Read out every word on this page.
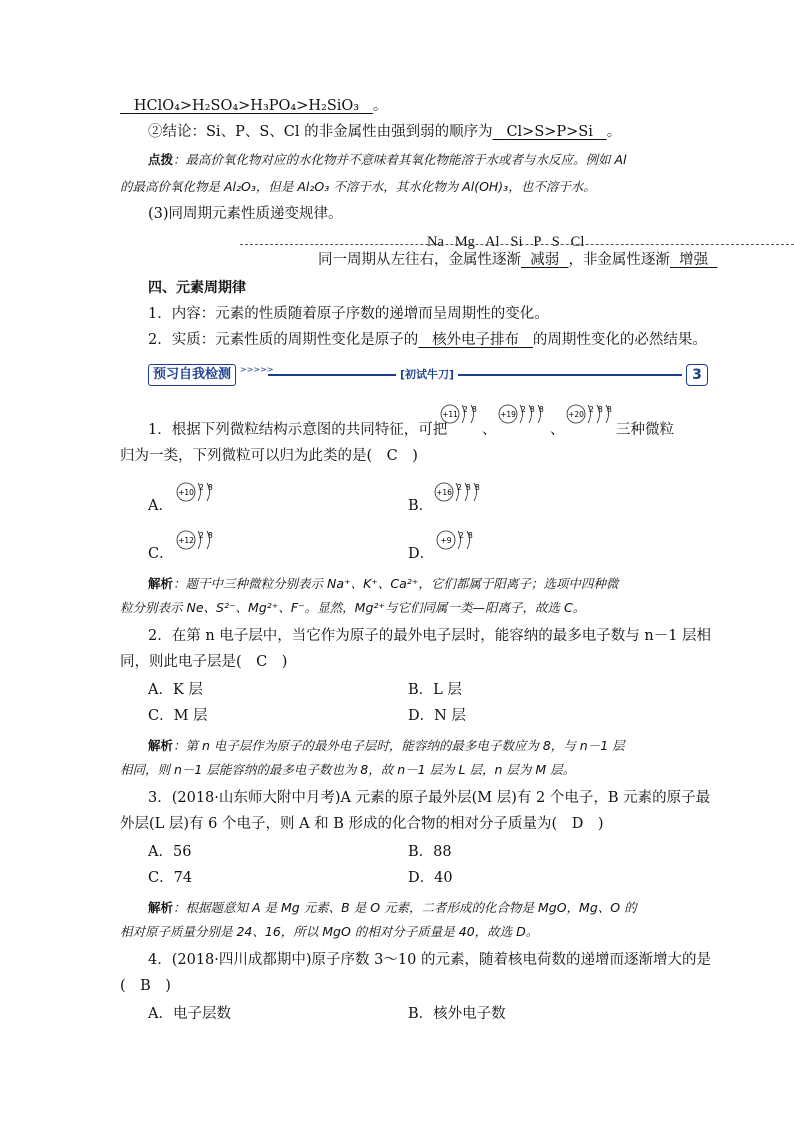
HClO₄>H₂SO₄>H₃PO₄>H₂SiO₃ 。
②结论：Si、P、S、Cl 的非金属性由强到弱的顺序为 Cl>S>P>Si 。
点拨：最高价氧化物对应的水化物并不意味着其氧化物能溶于水或者与水反应。例如 Al
的最高价氧化物是 Al₂O₃，但是 Al₂O₃ 不溶于水，其水化物为 Al(OH)₃，也不溶于水。
(3)同周期元素性质递变规律。
Na   Mg   Al   Si   P   S   Cl
同一周期从左往右，金属性逐渐 减弱 ，非金属性逐渐 增强
四、元素周期律
1．内容：元素的性质随着原子序数的递增而呈周期性的变化。
2．实质：元素性质的周期性变化是原子的 核外电子排布 的周期性变化的必然结果。
预习自我检测	>>>>>	[初试牛刀]	3
1．根据下列微粒结构示意图的共同特征，可把 、	、	三种微粒
归为一类，下列微粒可以归为此类的是(　C　)
A．	B．
C．	D．
+11
2 8
+19
2 8 8
+20
2 8 8
+10
2 8
+16
2 8 8
+12
2 8
+9
2 8
解析：题干中三种微粒分别表示 Na⁺、K⁺、Ca²⁺，它们都属于阳离子；选项中四种微
粒分别表示 Ne、S²⁻、Mg²⁺、F⁻。显然，Mg²⁺与它们同属一类—阳离子，故选 C。
2．在第 n 电子层中，当它作为原子的最外电子层时，能容纳的最多电子数与 n－1 层相
同，则此电子层是(　C　)
A．K 层	B．L 层
C．M 层	D．N 层
解析：第 n 电子层作为原子的最外电子层时，能容纳的最多电子数应为 8，与 n－1 层
相同，则 n－1 层能容纳的最多电子数也为 8，故 n－1 层为 L 层，n 层为 M 层。
3．(2018·山东师大附中月考)A 元素的原子最外层(M 层)有 2 个电子，B 元素的原子最
外层(L 层)有 6 个电子，则 A 和 B 形成的化合物的相对分子质量为(　D　)
A．56	B．88
C．74	D．40
解析：根据题意知 A 是 Mg 元素、B 是 O 元素，二者形成的化合物是 MgO，Mg、O 的
相对原子质量分别是 24、16，所以 MgO 的相对分子质量是 40，故选 D。
4．(2018·四川成都期中)原子序数 3～10 的元素，随着核电荷数的递增而逐渐增大的是
(　B　)
A．电子层数	B．核外电子数
